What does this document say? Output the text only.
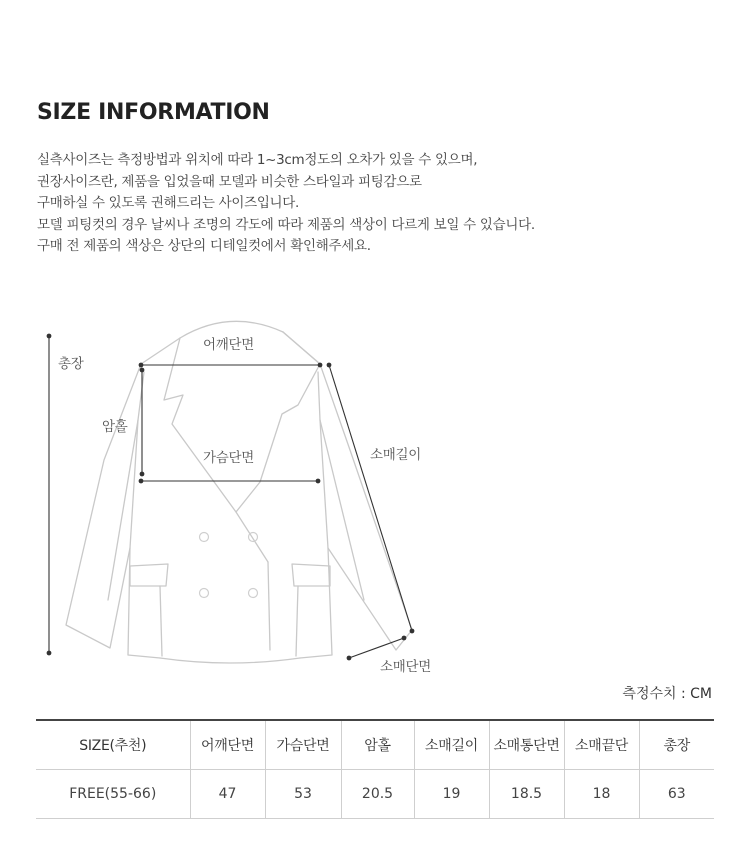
SIZE INFORMATION
실측사이즈는 측정방법과 위치에 따라 1~3cm정도의 오차가 있을 수 있으며,
권장사이즈란, 제품을 입었을때 모델과 비슷한 스타일과 피팅감으로
구매하실 수 있도록 권해드리는 사이즈입니다.
모델 피팅컷의 경우 날씨나 조명의 각도에 따라 제품의 색상이 다르게 보일 수 있습니다.
구매 전 제품의 색상은 상단의 디테일컷에서 확인해주세요.
총장
어깨단면
암홀
가슴단면	소매길이
소매단면
측정수치 : CM
SIZE(추천)	어깨단면	가슴단면	암홀	소매길이	소매통단면	소매끝단	총장
FREE(55-66)	47	53	20.5	19	18.5	18	63
